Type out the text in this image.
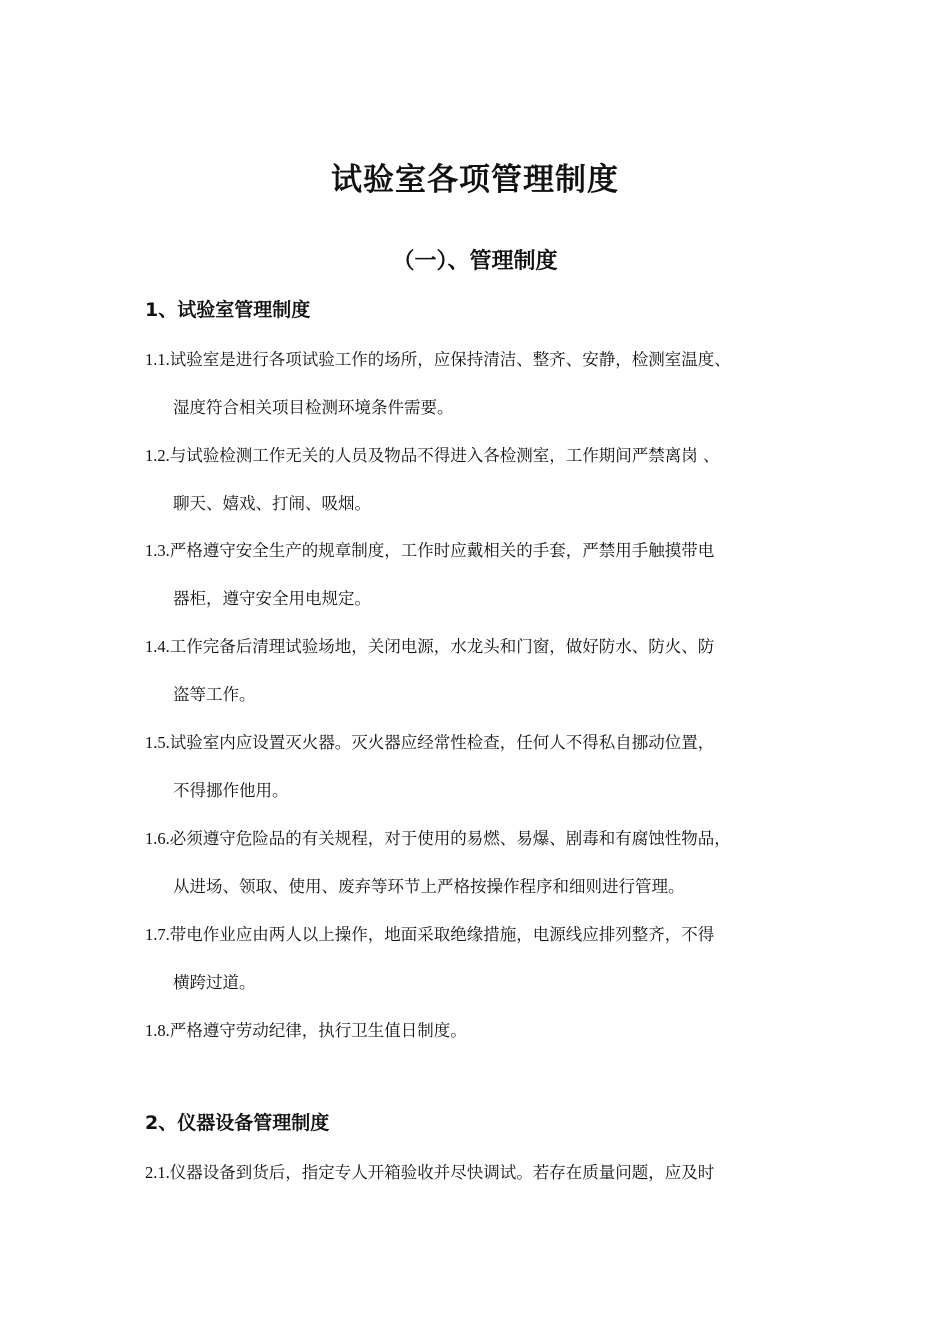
试验室各项管理制度
（一）、管理制度
1、试验室管理制度
1.1.试验室是进行各项试验工作的场所，应保持清洁、整齐、安静，检测室温度、
湿度符合相关项目检测环境条件需要。
1.2.与试验检测工作无关的人员及物品不得进入各检测室，工作期间严禁离岗 、
聊天、嬉戏、打闹、吸烟。
1.3.严格遵守安全生产的规章制度，工作时应戴相关的手套，严禁用手触摸带电
器柜，遵守安全用电规定。
1.4.工作完备后清理试验场地，关闭电源，水龙头和门窗，做好防水、防火、防
盗等工作。
1.5.试验室内应设置灭火器。灭火器应经常性检查，任何人不得私自挪动位置，
不得挪作他用。
1.6.必须遵守危险品的有关规程，对于使用的易燃、易爆、剧毒和有腐蚀性物品，
从进场、领取、使用、废弃等环节上严格按操作程序和细则进行管理。
1.7.带电作业应由两人以上操作，地面采取绝缘措施，电源线应排列整齐，不得
横跨过道。
1.8.严格遵守劳动纪律，执行卫生值日制度。
2、仪器设备管理制度
2.1.仪器设备到货后，指定专人开箱验收并尽快调试。若存在质量问题，应及时
